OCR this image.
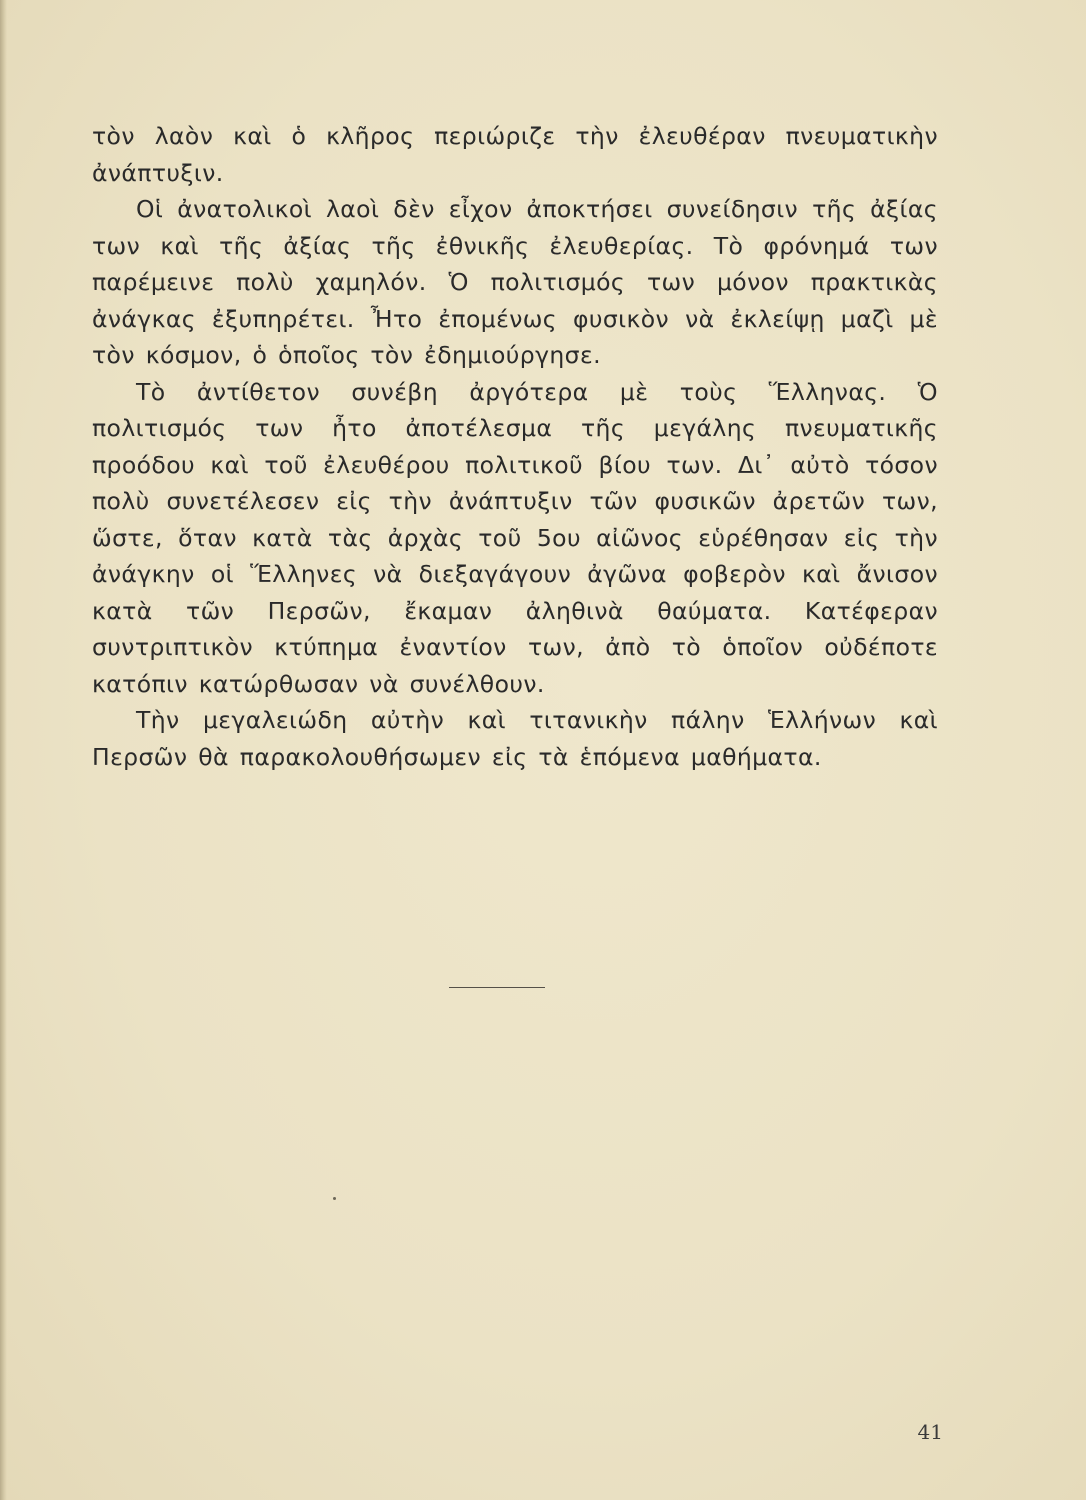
τὸν λαὸν καὶ ὁ κλῆρος περιώριζε τὴν ἐλευθέραν πνευματικὴν ἀνάπτυξιν.

Οἱ ἀνατολικοὶ λαοὶ δὲν εἶχον ἀποκτήσει συνείδησιν τῆς ἀξίας των καὶ τῆς ἀξίας τῆς ἐθνικῆς ἐλευθερίας. Τὸ φρόνημά των παρέμεινε πολὺ χαμηλόν. Ὁ πολιτισμός των μόνον πρακτικὰς ἀνάγκας ἐξυπηρέτει. Ἦτο ἐπομένως φυσικὸν νὰ ἐκλείψῃ μαζὶ μὲ τὸν κόσμον, ὁ ὁποῖος τὸν ἐδημιούργησε.

Τὸ ἀντίθετον συνέβη ἀργότερα μὲ τοὺς Ἕλληνας. Ὁ πολιτισμός των ἦτο ἀποτέλεσμα τῆς μεγάλης πνευματικῆς προόδου καὶ τοῦ ἐλευθέρου πολιτικοῦ βίου των. Δι᾽ αὐτὸ τόσον πολὺ συνετέλεσεν εἰς τὴν ἀνάπτυξιν τῶν φυσικῶν ἀρετῶν των, ὥστε, ὅταν κατὰ τὰς ἀρχὰς τοῦ 5ου αἰῶνος εὑρέθησαν εἰς τὴν ἀνάγκην οἱ Ἕλληνες νὰ διεξαγάγουν ἀγῶνα φοβερὸν καὶ ἄνισον κατὰ τῶν Περσῶν, ἔκαμαν ἀληθινὰ θαύματα. Κατέφεραν συντριπτικὸν κτύπημα ἐναντίον των, ἀπὸ τὸ ὁποῖον οὐδέποτε κατόπιν κατώρθωσαν νὰ συνέλθουν.

Τὴν μεγαλειώδη αὐτὴν καὶ τιτανικὴν πάλην Ἑλλήνων καὶ Περσῶν θὰ παρακολουθήσωμεν εἰς τὰ ἑπόμενα μαθήματα.

41
